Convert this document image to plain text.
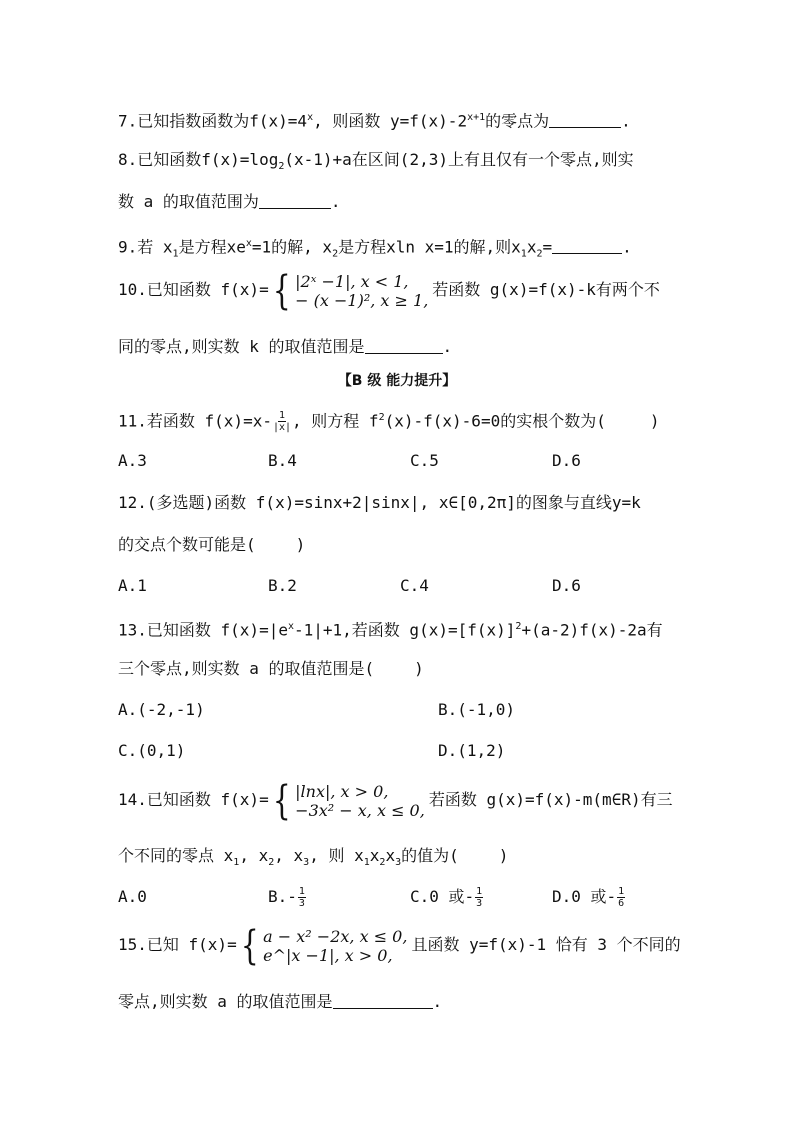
7.已知指数函数为$f(x)=4^x$, 则函数 $y=f(x)-2^{x+1}$的零点为	.
8.已知函数$f(x)=\log_2(x-1)+a$在区间(2,3)上有且仅有一个零点,则实
数 a 的取值范围为	.
9.若 $x_1$是方程$xe^x=1$的解, $x_2$是方程xln x=1的解,则$x_1x_2=$	.
10.已知函数 f(x)= { |2ˣ −1|, x < 1,
− (x −1)², x ≥ 1,
若函数 g(x)=f(x)-k有两个不
同的零点,则实数 k 的取值范围是	.
【B 级 能力提升】
11.若函数 $f(x)=x- \frac{1}{|x|}$ , 则方程 $f^2(x)-f(x)-6=0$的实根个数为(	)
A.3	B.4	C.5	D.6
12.(多选题)函数 f(x)=sinx+2|sinx|, x∈[0,2π]的图象与直线y=k
的交点个数可能是(	)
A.1	B.2	C.4	D.6
13.已知函数 $f(x)=|e^x-1|+1$,若函数 $g(x)=[f(x)]^2+(a-2)f(x)-2a$有
三个零点,则实数 a 的取值范围是(	)
A.(-2,-1)	B.(-1,0)
C.(0,1)	D.(1,2)
14.已知函数 f(x)= { |lnx|, x > 0,
−3x² − x, x ≤ 0,
若函数 g(x)=f(x)-m(m∈R)有三
个不同的零点 $x_1$, $x_2$, $x_3$, 则 $x_1x_2x_3$的值为(	)
A.0	$B.- \frac{1}{3}$	C.0 或- $\frac{1}{3}$	D.0 或- $\frac{1}{6}$
15.已知 f(x)= { a − x² −2x, x ≤ 0,
e^|x −1|, x > 0,
且函数 y=f(x)-1 恰有 3 个不同的
零点,则实数 a 的取值范围是	.
